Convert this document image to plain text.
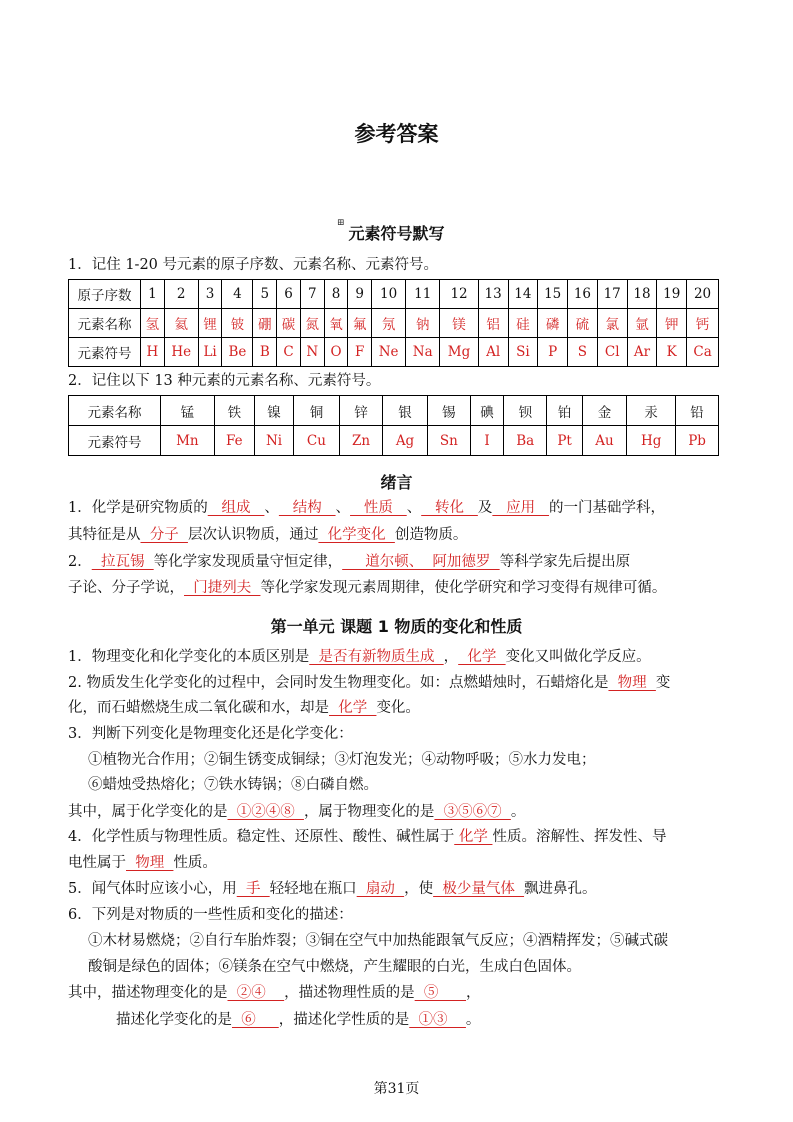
参考答案
⊞
元素符号默写
1．记住 1-20 号元素的原子序数、元素名称、元素符号。
原子序数	1	2	3	4	5	6	7	8	9	10	11	12	13	14	15	16	17	18	19	20
元素名称	氢	氦	锂	铍	硼	碳	氮	氧	氟	氖	钠	镁	铝	硅	磷	硫	氯	氩	钾	钙
元素符号	H	He	Li	Be	B	C	N	O	F	Ne	Na	Mg	Al	Si	P	S	Cl	Ar	K	Ca
2．记住以下 13 种元素的元素名称、元素符号。
元素名称	锰	铁	镍	铜	锌	银	锡	碘	钡	铂	金	汞	铅
元素符号	Mn	Fe	Ni	Cu	Zn	Ag	Sn	I	Ba	Pt	Au	Hg	Pb
绪言
1．化学是研究物质的   组成   、   结构   、   性质   、   转化   及   应用   的一门基础学科，
其特征是从  分子  层次认识物质，通过  化学变化  创造物质。
2．  拉瓦锡  等化学家发现质量守恒定律，     道尔顿、  阿加德罗  等科学家先后提出原
子论、分子学说，  门捷列夫  等化学家发现元素周期律，使化学研究和学习变得有规律可循。
第一单元 课题 1 物质的变化和性质
1．物理变化和化学变化的本质区别是  是否有新物质生成  ，  化学  变化又叫做化学反应。
2. 物质发生化学变化的过程中，会同时发生物理变化。如：点燃蜡烛时，石蜡熔化是  物理  变
化，而石蜡燃烧生成二氧化碳和水，却是  化学  变化。
3．判断下列变化是物理变化还是化学变化：
①植物光合作用；②铜生锈变成铜绿；③灯泡发光；④动物呼吸；⑤水力发电；
⑥蜡烛受热熔化；⑦铁水铸锅；⑧白磷自燃。
其中，属于化学变化的是  ①②④⑧  ，属于物理变化的是  ③⑤⑥⑦  。
4．化学性质与物理性质。稳定性、还原性、酸性、碱性属于 化学 性质。溶解性、挥发性、导
电性属于  物理  性质。
5．闻气体时应该小心，用  手  轻轻地在瓶口  扇动  ，使  极少量气体  飘进鼻孔。
6．下列是对物质的一些性质和变化的描述：
①木材易燃烧；②自行车胎炸裂；③铜在空气中加热能跟氧气反应；④酒精挥发；⑤碱式碳
酸铜是绿色的固体；⑥镁条在空气中燃烧，产生耀眼的白光，生成白色固体。
其中，描述物理变化的是  ②④    ，描述物理性质的是  ⑤      ，
描述化学变化的是  ⑥     ，描述化学性质的是  ①③    。
第31页
